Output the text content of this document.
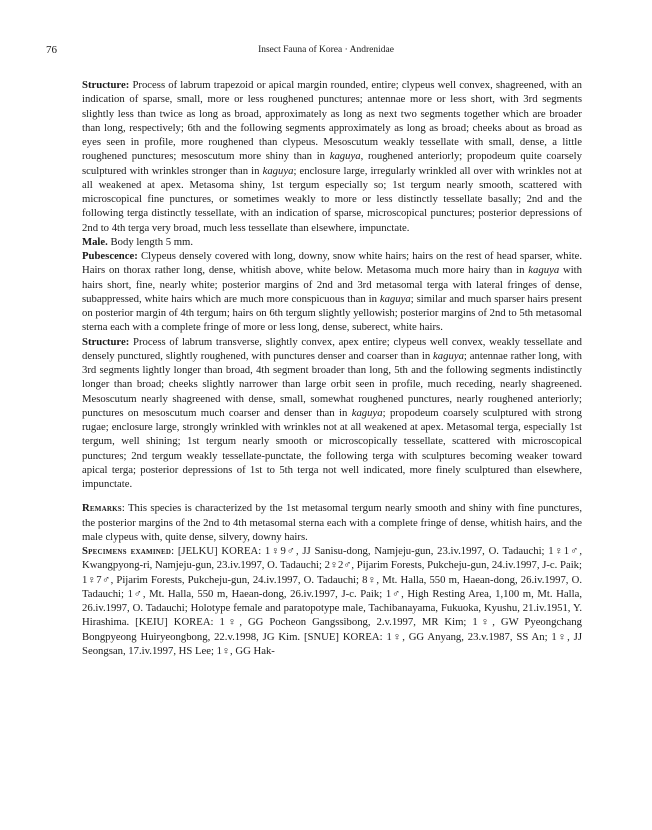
76	Insect Fauna of Korea · Andrenidae

Structure: Process of labrum trapezoid or apical margin rounded, entire; clypeus well convex, shagreened, with an indication of sparse, small, more or less roughened punctures; antennae more or less short, with 3rd segments slightly less than twice as long as broad, approximately as long as next two segments together which are broader than long, respectively; 6th and the following segments approximately as long as broad; cheeks about as broad as eyes seen in profile, more roughened than clypeus. Mesoscutum weakly tessellate with small, dense, a little roughened punctures; mesoscutum more shiny than in kaguya, roughened anteriorly; propodeum quite coarsely sculptured with wrinkles stronger than in kaguya; enclosure large, irregularly wrinkled all over with wrinkles not at all weakened at apex. Metasoma shiny, 1st tergum especially so; 1st tergum nearly smooth, scattered with microscopical fine punctures, or sometimes weakly to more or less distinctly tessellate basally; 2nd and the following terga distinctly tessellate, with an indication of sparse, microscopical punctures; posterior depressions of 2nd to 4th terga very broad, much less tessellate than elsewhere, impunctate.

Male. Body length 5 mm.

Pubescence: Clypeus densely covered with long, downy, snow white hairs; hairs on the rest of head sparser, white. Hairs on thorax rather long, dense, whitish above, white below. Metasoma much more hairy than in kaguya with hairs short, fine, nearly white; posterior margins of 2nd and 3rd metasomal terga with lateral fringes of dense, subappressed, white hairs which are much more conspicuous than in kaguya; similar and much sparser hairs present on posterior margin of 4th tergum; hairs on 6th tergum slightly yellowish; posterior margins of 2nd to 5th metasomal sterna each with a complete fringe of more or less long, dense, suberect, white hairs.

Structure: Process of labrum transverse, slightly convex, apex entire; clypeus well convex, weakly tessellate and densely punctured, slightly roughened, with punctures denser and coarser than in kaguya; antennae rather long, with 3rd segments lightly longer than broad, 4th segment broader than long, 5th and the following segments indistinctly longer than broad; cheeks slightly narrower than large orbit seen in profile, much receding, nearly shagreened. Mesoscutum nearly shagreened with dense, small, somewhat roughened punctures, nearly roughened anteriorly; punctures on mesoscutum much coarser and denser than in kaguya; propodeum coarsely sculptured with strong rugae; enclosure large, strongly wrinkled with wrinkles not at all weakened at apex. Metasomal terga, especially 1st tergum, well shining; 1st tergum nearly smooth or microscopically tessellate, scattered with microscopical punctures; 2nd tergum weakly tessellate-punctate, the following terga with sculptures becoming weaker toward apical terga; posterior depressions of 1st to 5th terga not well indicated, more finely sculptured than elsewhere, impunctate.

Remarks: This species is characterized by the 1st metasomal tergum nearly smooth and shiny with fine punctures, the posterior margins of the 2nd to 4th metasomal sterna each with a complete fringe of dense, whitish hairs, and the male clypeus with, quite dense, silvery, downy hairs.

Specimens examined: [JELKU] KOREA: 1♀9♂, JJ Sanisu-dong, Namjeju-gun, 23.iv.1997, O. Tadauchi; 1♀1♂, Kwangpyong-ri, Namjeju-gun, 23.iv.1997, O. Tadauchi; 2♀2♂, Pijarim Forests, Pukcheju-gun, 24.iv.1997, J-c. Paik; 1♀7♂, Pijarim Forests, Pukcheju-gun, 24.iv.1997, O. Tadauchi; 8♀, Mt. Halla, 550 m, Haean-dong, 26.iv.1997, O. Tadauchi; 1♂, Mt. Halla, 550 m, Haean-dong, 26.iv.1997, J-c. Paik; 1♂, High Resting Area, 1,100 m, Mt. Halla, 26.iv.1997, O. Tadauchi; Holotype female and paratopotype male, Tachibanayama, Fukuoka, Kyushu, 21.iv.1951, Y. Hirashima. [KEIU] KOREA: 1♀, GG Pocheon Gangssibong, 2.v.1997, MR Kim; 1♀, GW Pyeongchang Bongpyeong Huiryeongbong, 22.v.1998, JG Kim. [SNUE] KOREA: 1♀, GG Anyang, 23.v.1987, SS An; 1♀, JJ Seongsan, 17.iv.1997, HS Lee; 1♀, GG Hak-
